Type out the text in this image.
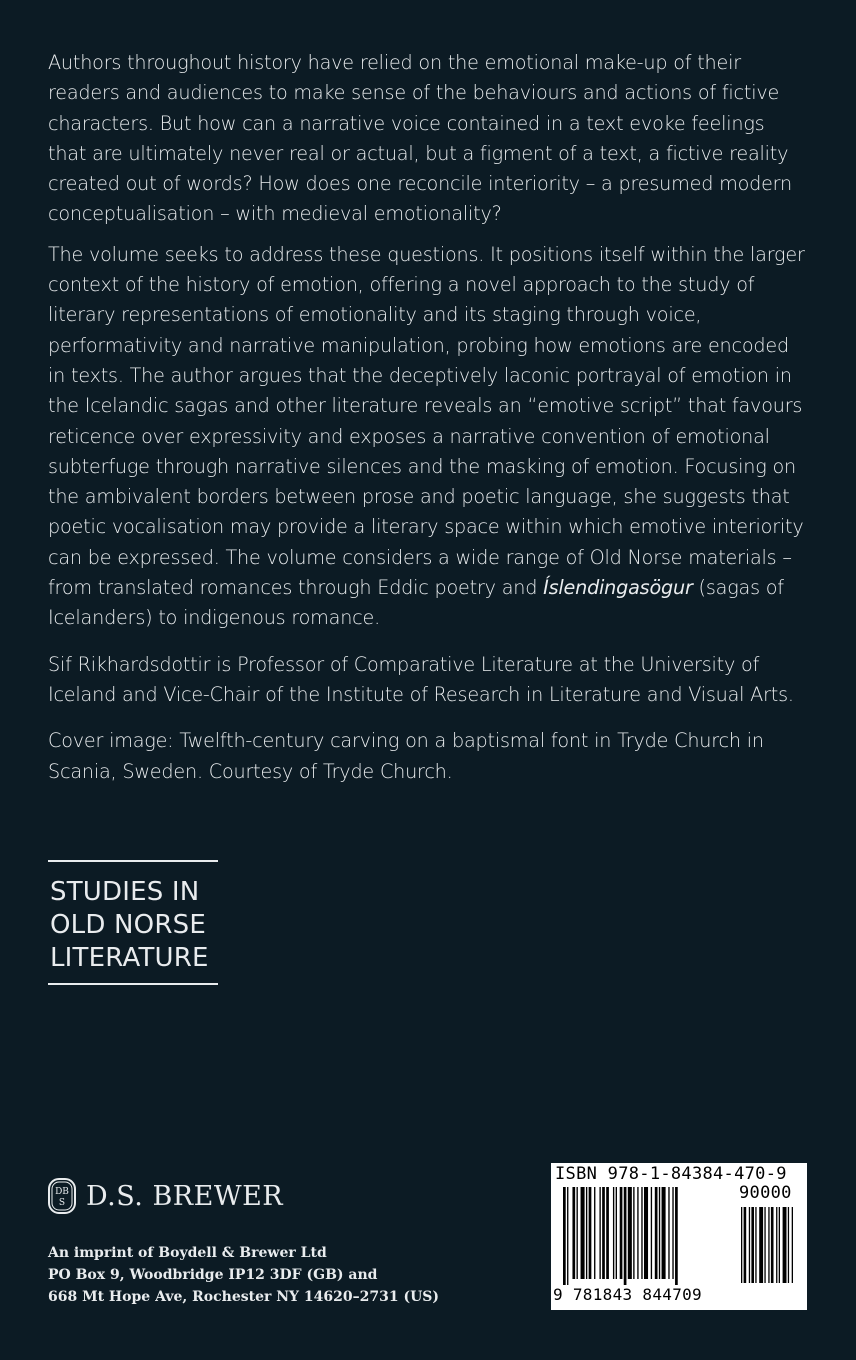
Authors throughout history have relied on the emotional make-up of their readers and audiences to make sense of the behaviours and actions of fictive characters. But how can a narrative voice contained in a text evoke feelings that are ultimately never real or actual, but a figment of a text, a fictive reality created out of words? How does one reconcile interiority – a presumed modern conceptualisation – with medieval emotionality?

The volume seeks to address these questions. It positions itself within the larger context of the history of emotion, offering a novel approach to the study of literary representations of emotionality and its staging through voice, performativity and narrative manipulation, probing how emotions are encoded in texts. The author argues that the deceptively laconic portrayal of emotion in the Icelandic sagas and other literature reveals an “emotive script” that favours reticence over expressivity and exposes a narrative convention of emotional subterfuge through narrative silences and the masking of emotion. Focusing on the ambivalent borders between prose and poetic language, she suggests that poetic vocalisation may provide a literary space within which emotive interiority can be expressed. The volume considers a wide range of Old Norse materials – from translated romances through Eddic poetry and Íslendingasögur (sagas of Icelanders) to indigenous romance.

Sif Rikhardsdottir is Professor of Comparative Literature at the University of Iceland and Vice-Chair of the Institute of Research in Literature and Visual Arts.

Cover image: Twelfth-century carving on a baptismal font in Tryde Church in Scania, Sweden. Courtesy of Tryde Church.

STUDIES IN
OLD NORSE
LITERATURE
DB
S D.S. BREWER
An imprint of Boydell & Brewer Ltd
PO Box 9, Woodbridge IP12 3DF (GB) and
668 Mt Hope Ave, Rochester NY 14620–2731 (US)
ISBN 978-1-84384-470-9
90000
9 781843 844709
